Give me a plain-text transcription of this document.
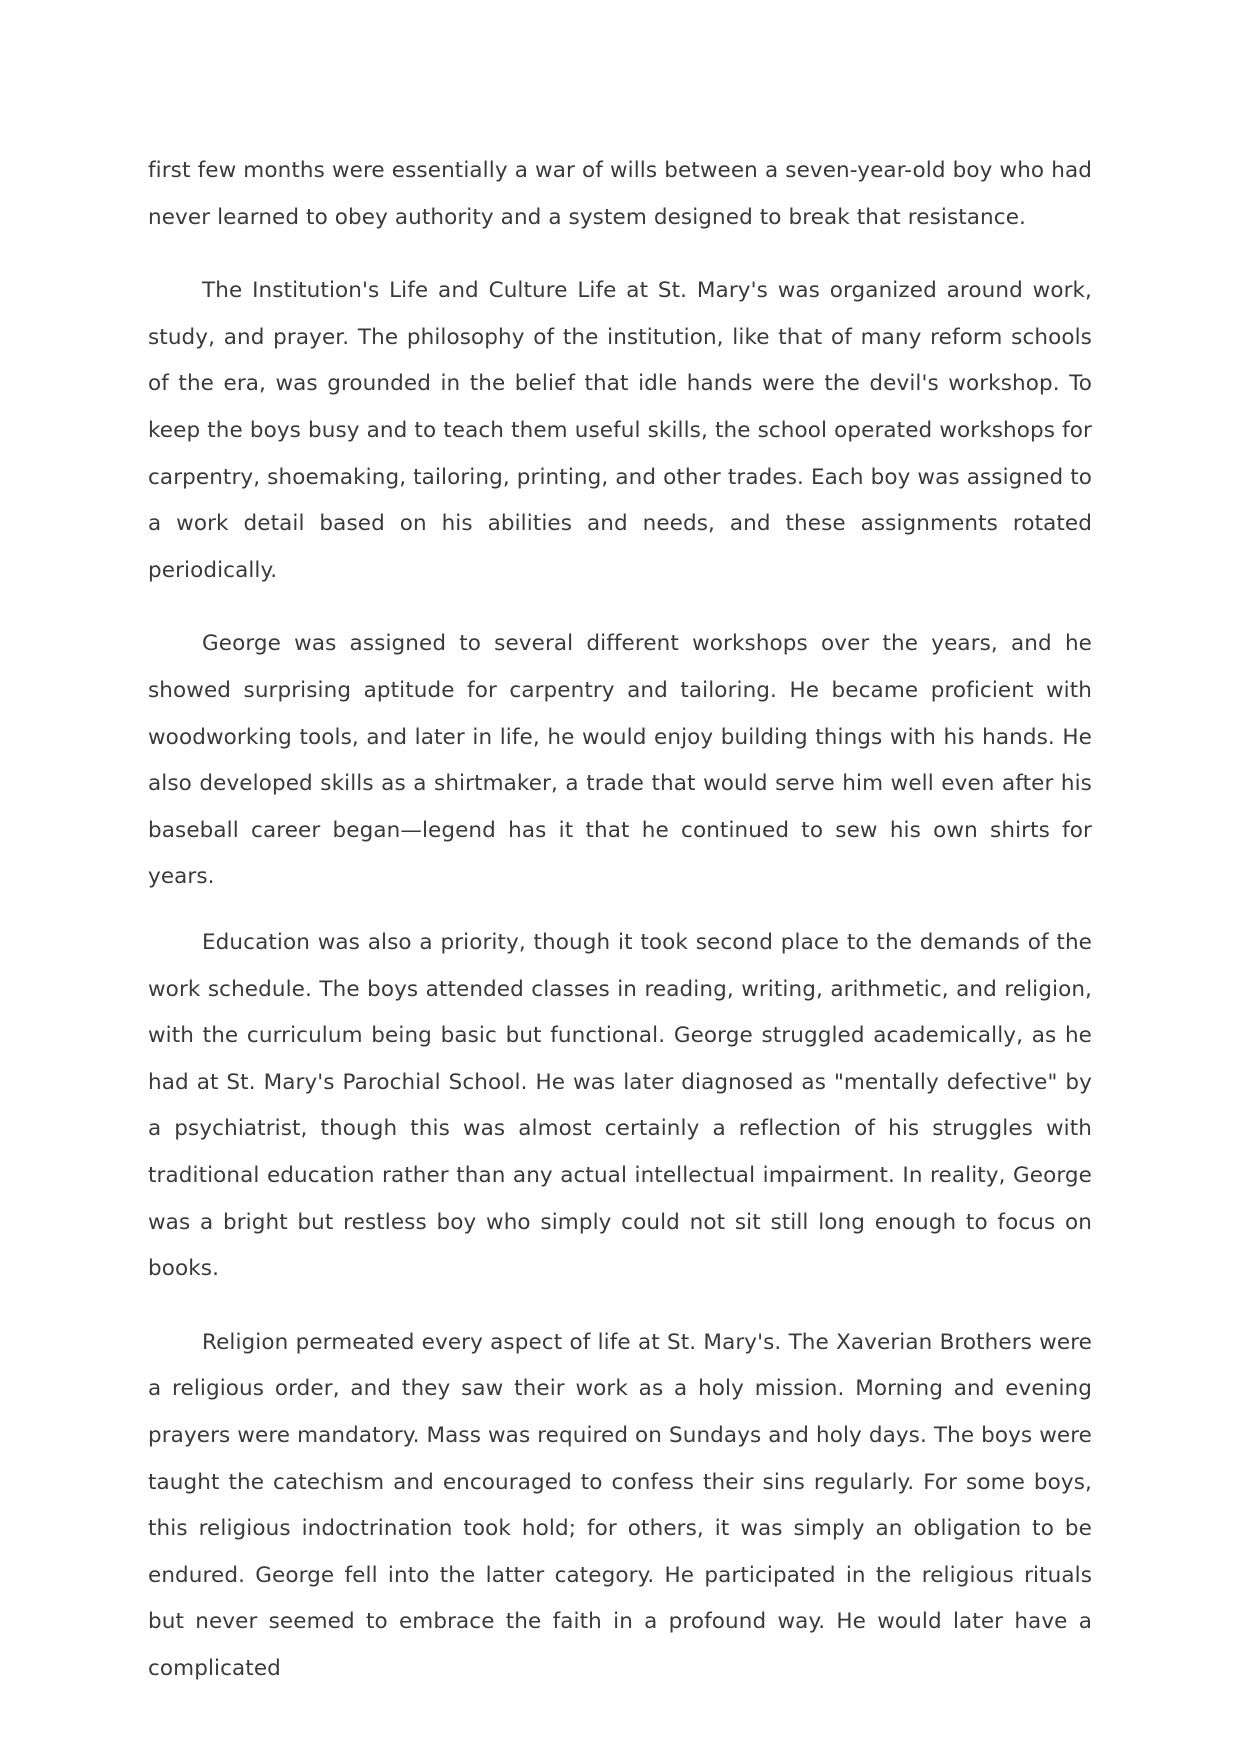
first few months were essentially a war of wills between a seven-year-old boy who had never learned to obey authority and a system designed to break that resistance.

The Institution's Life and Culture Life at St. Mary's was organized around work, study, and prayer. The philosophy of the institution, like that of many reform schools of the era, was grounded in the belief that idle hands were the devil's workshop. To keep the boys busy and to teach them useful skills, the school operated workshops for carpentry, shoemaking, tailoring, printing, and other trades. Each boy was assigned to a work detail based on his abilities and needs, and these assignments rotated periodically.

George was assigned to several different workshops over the years, and he showed surprising aptitude for carpentry and tailoring. He became proficient with woodworking tools, and later in life, he would enjoy building things with his hands. He also developed skills as a shirtmaker, a trade that would serve him well even after his baseball career began—legend has it that he continued to sew his own shirts for years.

Education was also a priority, though it took second place to the demands of the work schedule. The boys attended classes in reading, writing, arithmetic, and religion, with the curriculum being basic but functional. George struggled academically, as he had at St. Mary's Parochial School. He was later diagnosed as "mentally defective" by a psychiatrist, though this was almost certainly a reflection of his struggles with traditional education rather than any actual intellectual impairment. In reality, George was a bright but restless boy who simply could not sit still long enough to focus on books.

Religion permeated every aspect of life at St. Mary's. The Xaverian Brothers were a religious order, and they saw their work as a holy mission. Morning and evening prayers were mandatory. Mass was required on Sundays and holy days. The boys were taught the catechism and encouraged to confess their sins regularly. For some boys, this religious indoctrination took hold; for others, it was simply an obligation to be endured. George fell into the latter category. He participated in the religious rituals but never seemed to embrace the faith in a profound way. He would later have a complicated
